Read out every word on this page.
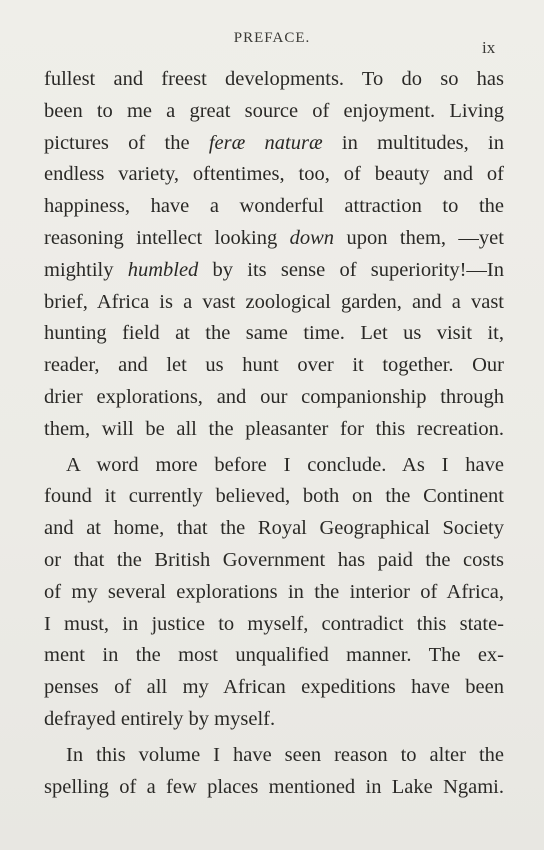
PREFACE.	ix
fullest and freest developments. To do so has
been to me a great source of enjoyment. Living
pictures of the feræ naturæ in multitudes, in
endless variety, oftentimes, too, of beauty and of
happiness, have a wonderful attraction to the
reasoning intellect looking down upon them, —yet
mightily humbled by its sense of superiority!—In
brief, Africa is a vast zoological garden, and a vast
hunting field at the same time. Let us visit it,
reader, and let us hunt over it together. Our
drier explorations, and our companionship through
them, will be all the pleasanter for this recreation.
A word more before I conclude. As I have
found it currently believed, both on the Continent
and at home, that the Royal Geographical Society
or that the British Government has paid the costs
of my several explorations in the interior of Africa,
I must, in justice to myself, contradict this state-
ment in the most unqualified manner. The ex-
penses of all my African expeditions have been
defrayed entirely by myself.
In this volume I have seen reason to alter the
spelling of a few places mentioned in Lake Ngami.
